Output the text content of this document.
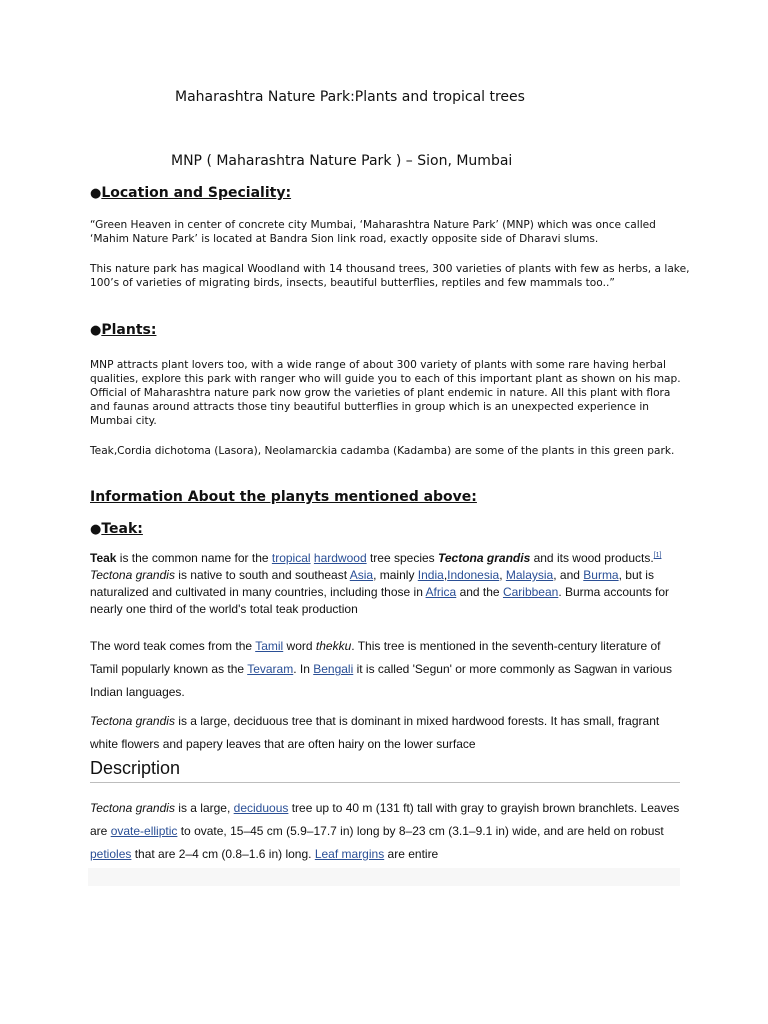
Maharashtra Nature Park:Plants and tropical trees
MNP ( Maharashtra Nature Park ) – Sion, Mumbai
●Location and Speciality:

“Green Heaven in center of concrete city Mumbai, ‘Maharashtra Nature Park’ (MNP) which was once called ‘Mahim Nature Park’ is located at Bandra Sion link road, exactly opposite side of Dharavi slums.

This nature park has magical Woodland with 14 thousand trees, 300 varieties of plants with few as herbs, a lake, 100’s of varieties of migrating birds, insects, beautiful butterflies, reptiles and few mammals too..”

●Plants:

MNP attracts plant lovers too, with a wide range of about 300 variety of plants with some rare having herbal qualities, explore this park with ranger who will guide you to each of this important plant as shown on his map. Official of Maharashtra nature park now grow the varieties of plant endemic in nature. All this plant with flora and faunas around attracts those tiny beautiful butterflies in group which is an unexpected experience in Mumbai city.

Teak,Cordia dichotoma (Lasora), Neolamarckia cadamba (Kadamba) are some of the plants in this green park.

Information About the planyts mentioned above:
●Teak:

Teak is the common name for the tropical hardwood tree species Tectona grandis and its wood products.[1] Tectona grandis is native to south and southeast Asia, mainly India,Indonesia, Malaysia, and Burma, but is naturalized and cultivated in many countries, including those in Africa and the Caribbean. Burma accounts for nearly one third of the world's total teak production

The word teak comes from the Tamil word thekku. This tree is mentioned in the seventh-century literature of Tamil popularly known as the Tevaram. In Bengali it is called 'Segun' or more commonly as Sagwan in various Indian languages.

Tectona grandis is a large, deciduous tree that is dominant in mixed hardwood forests. It has small, fragrant white flowers and papery leaves that are often hairy on the lower surface

Description

Tectona grandis is a large, deciduous tree up to 40 m (131 ft) tall with gray to grayish brown branchlets. Leaves are ovate-elliptic to ovate, 15–45 cm (5.9–17.7 in) long by 8–23 cm (3.1–9.1 in) wide, and are held on robust petioles that are 2–4 cm (0.8–1.6 in) long. Leaf margins are entire
